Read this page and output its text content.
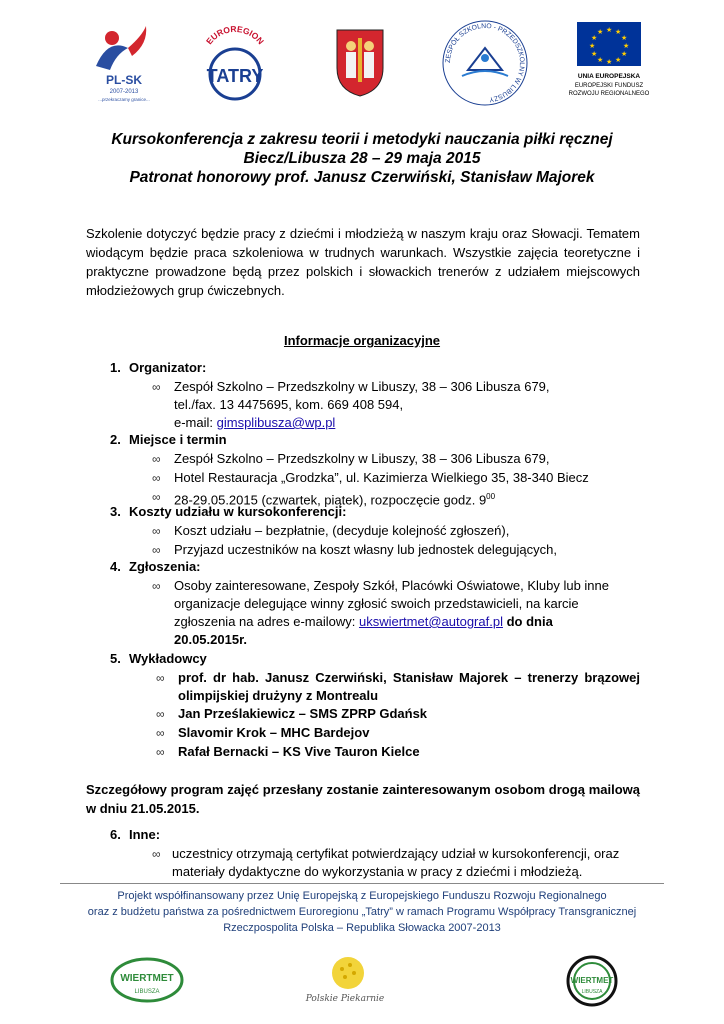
PL-SK
2007-2013
...przekraczamy granice...
EUROREGION
TATRY
ZESPÓŁ SZKOLNO - PRZEDSZKOLNY W LIBUSZY
★ ★
★
★
★
★
★
★
★
★
★
★
UNIA EUROPEJSKA
EUROPEJSKI FUNDUSZ
ROZWOJU REGIONALNEGO
Kursokonferencja z zakresu teorii i metodyki nauczania piłki ręcznej
Biecz/Libusza 28 – 29 maja 2015
Patronat honorowy prof. Janusz Czerwiński, Stanisław Majorek
Szkolenie dotyczyć będzie pracy z dziećmi i młodzieżą w naszym kraju oraz Słowacji. Tematem wiodącym będzie praca szkoleniowa w trudnych warunkach. Wszystkie zajęcia teoretyczne i praktyczne prowadzone będą przez polskich i słowackich trenerów z udziałem miejscowych młodzieżowych grup ćwiczebnych.
Informacje organizacyjne
1. Organizator:
∞ Zespół Szkolno – Przedszkolny w Libuszy, 38 – 306 Libusza 679,
tel./fax. 13 4475695, kom. 669 408 594,
e-mail: gimsplibusza@wp.pl
2. Miejsce i termin
∞ Zespół Szkolno – Przedszkolny w Libuszy, 38 – 306 Libusza 679,
∞ Hotel Restauracja „Grodzka”, ul. Kazimierza Wielkiego 35, 38-340 Biecz
∞ 28-29.05.2015 (czwartek, piątek), rozpoczęcie godz. $9^{00}$
3. Koszty udziału w kursokonferencji:
∞ Koszt udziału – bezpłatnie, (decyduje kolejność zgłoszeń),
∞ Przyjazd uczestników na koszt własny lub jednostek delegujących,
4. Zgłoszenia:
∞ Osoby zainteresowane, Zespoły Szkół, Placówki Oświatowe, Kluby lub inne
organizacje delegujące winny zgłosić swoich przedstawicieli, na karcie
zgłoszenia na adres e-mailowy: ukswiertmet@autograf.pl do dnia
20.05.2015r.
5. Wykładowcy
∞ prof. dr hab. Janusz Czerwiński, Stanisław Majorek – trenerzy brązowej
olimpijskiej drużyny z Montrealu
∞ Jan Prześlakiewicz – SMS ZPRP Gdańsk
∞ Slavomir Krok – MHC Bardejov
∞ Rafał Bernacki – KS Vive Tauron Kielce
Szczegółowy program zajęć przesłany zostanie zainteresowanym osobom drogą mailową w dniu 21.05.2015.
6. Inne:
∞ uczestnicy otrzymają certyfikat potwierdzający udział w kursokonferencji, oraz
materiały dydaktyczne do wykorzystania w pracy z dziećmi i młodzieżą.
Projekt współfinansowany przez Unię Europejską z Europejskiego Funduszu Rozwoju Regionalnego
oraz z budżetu państwa za pośrednictwem Euroregionu „Tatry” w ramach Programu Współpracy Transgranicznej
Rzeczpospolita Polska – Republika Słowacka 2007-2013
WIERTMET
LIBUSZA
Polskie Piekarnie
WIERTMET
LIBUSZA
